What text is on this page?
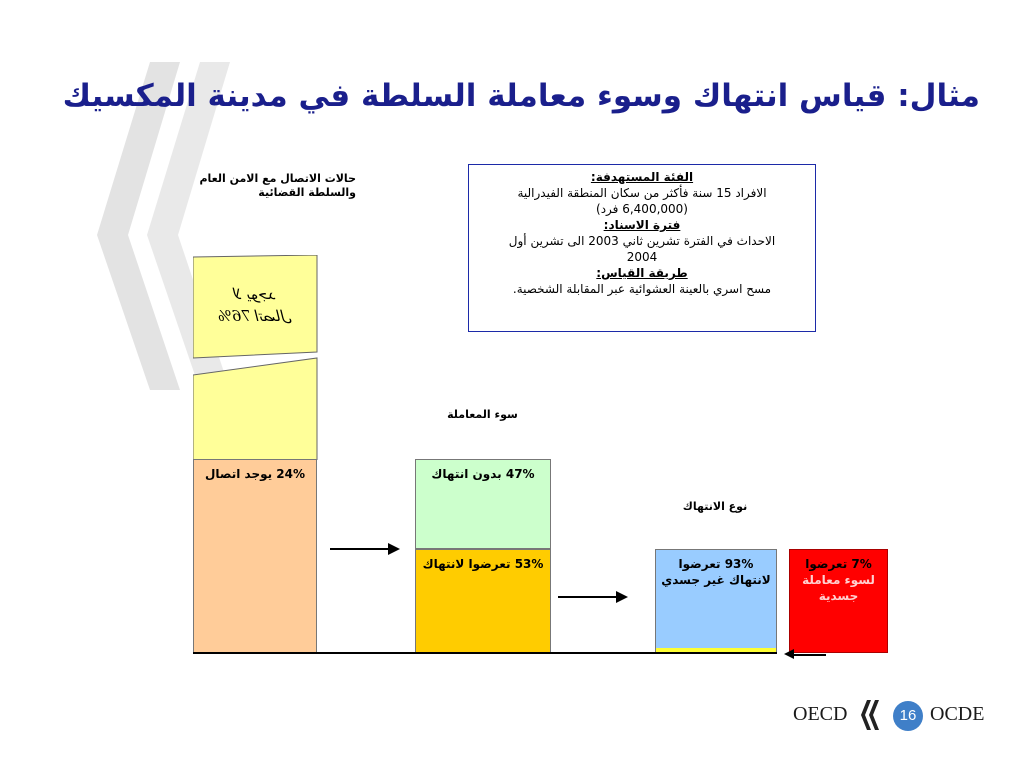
مثال: قياس انتهاك وسوء معاملة السلطة في مدينة المكسيك
حالات الاتصال مع الامن العام
والسلطة القضائية
الفئة المستهدفة:
الافراد 15 سنة فأكثر من سكان المنطقة الفيدرالية
(6,400,000 فرد)
فترة الاسناد:
الاحداث في الفترة تشرين ثاني 2003 الى تشرين أول
2004
طريقة القياس:
مسح اسري بالعينة العشوائية عبر المقابلة الشخصية.
لا يوجد
76% اتصال
24% يوجد اتصال
سوء المعاملة
47% بدون انتهاك
53% تعرضوا لانتهاك
نوع الانتهاك
93% تعرضوا
لانتهاك غير جسدي
7% تعرضوا
لسوء معاملة
جسدية
OECD	16 OCDE
